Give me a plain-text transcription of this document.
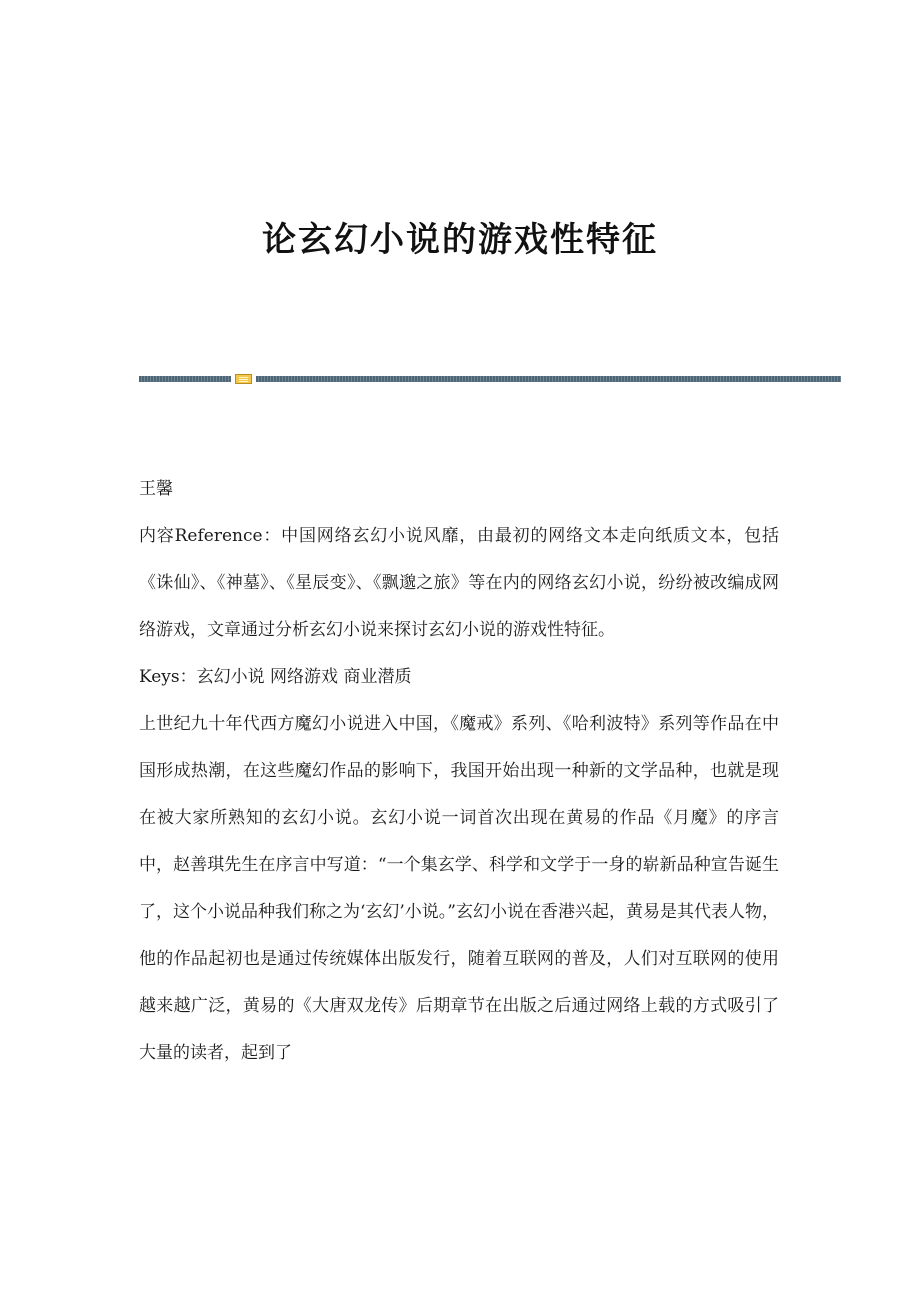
论玄幻小说的游戏性特征

王馨

内容Reference：中国网络玄幻小说风靡，由最初的网络文本走向纸质文本，包括《诛仙》、《神墓》、《星辰变》、《飘邈之旅》等在内的网络玄幻小说，纷纷被改编成网络游戏，文章通过分析玄幻小说来探讨玄幻小说的游戏性特征。

Keys：玄幻小说 网络游戏 商业潜质

上世纪九十年代西方魔幻小说进入中国，《魔戒》系列、《哈利波特》系列等作品在中国形成热潮，在这些魔幻作品的影响下，我国开始出现一种新的文学品种，也就是现在被大家所熟知的玄幻小说。玄幻小说一词首次出现在黄易的作品《月魔》的序言中，赵善琪先生在序言中写道：“一个集玄学、科学和文学于一身的崭新品种宣告诞生了，这个小说品种我们称之为‘玄幻’小说。”玄幻小说在香港兴起，黄易是其代表人物，他的作品起初也是通过传统媒体出版发行，随着互联网的普及，人们对互联网的使用越来越广泛，黄易的《大唐双龙传》后期章节在出版之后通过网络上载的方式吸引了大量的读者，起到了
